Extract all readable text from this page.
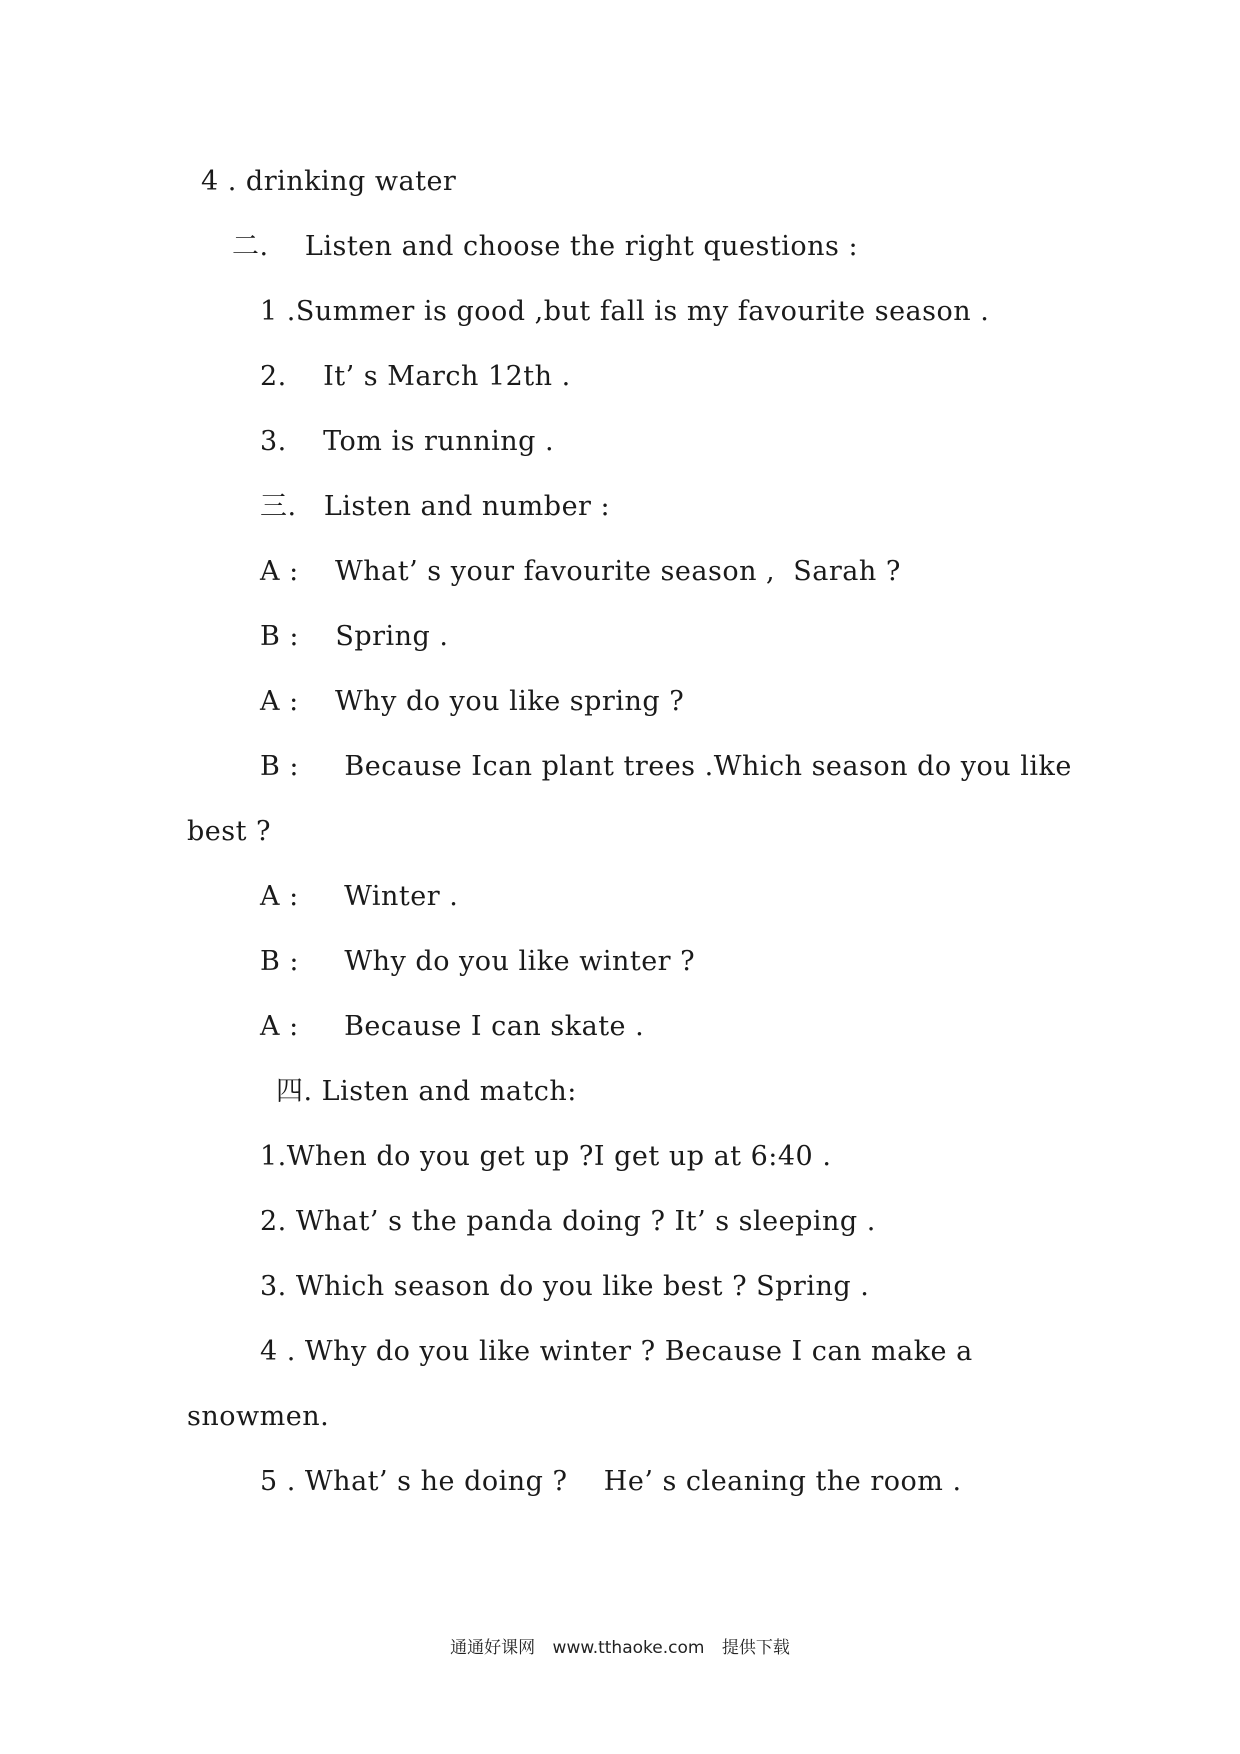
4 . drinking water
二.    Listen and choose the right questions :
1 .Summer is good ,but fall is my favourite season .
2.    It’ s March 12th .
3.    Tom is running .
三.   Listen and number :
A :    What’ s your favourite season ,  Sarah ?
B :    Spring .
A :    Why do you like spring ?
B :     Because Ican plant trees .Which season do you like
best ?
A :     Winter .
B :     Why do you like winter ?
A :     Because I can skate .
四. Listen and match:
1.When do you get up ?I get up at 6:40 .
2. What’ s the panda doing ? It’ s sleeping .
3. Which season do you like best ? Spring .
4 . Why do you like winter ? Because I can make a
snowmen.
5 . What’ s he doing ?    He’ s cleaning the room .
通通好课网 www.tthaoke.com 提供下载
